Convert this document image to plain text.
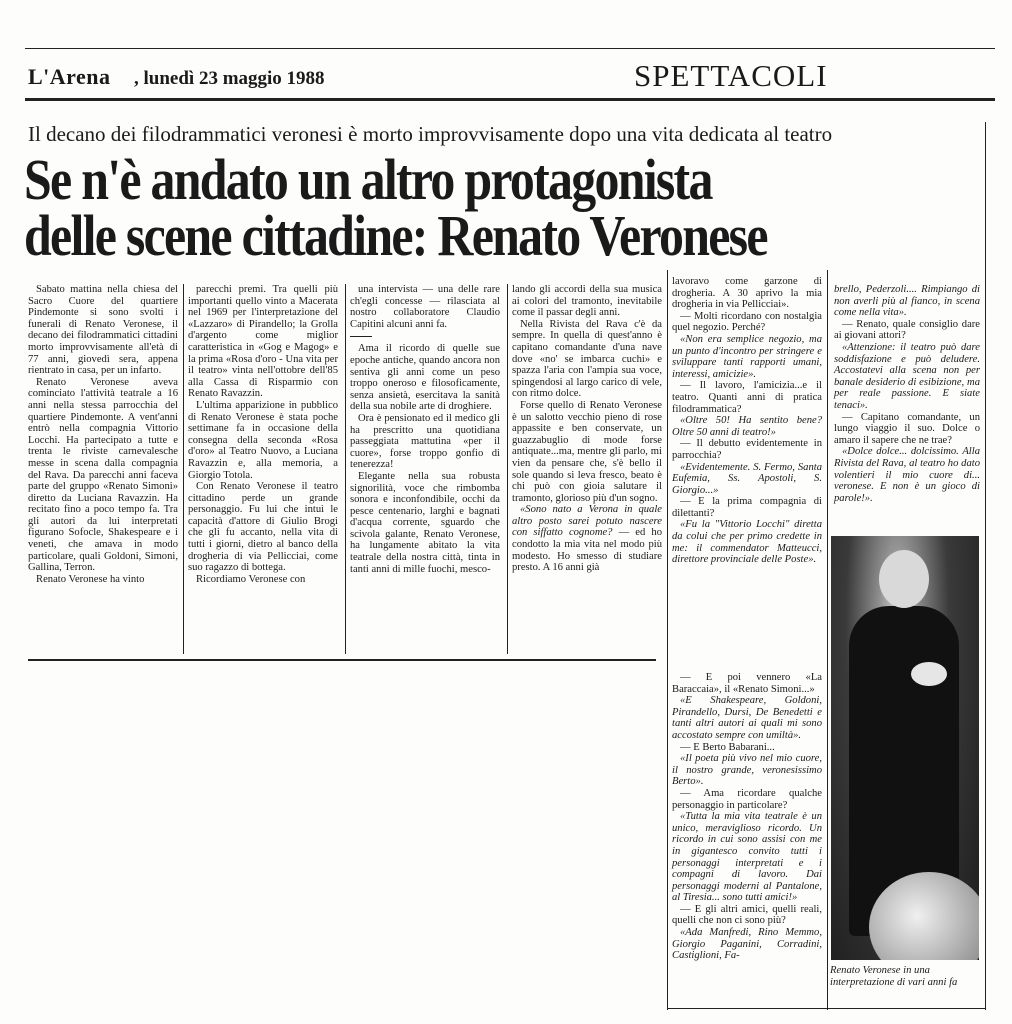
L'Arena , lunedì 23 maggio 1988	SPETTACOLI
Il decano dei filodrammatici veronesi è morto improvvisamente dopo una vita dedicata al teatro
Se n'è andato un altro protagonista
delle scene cittadine: Renato Veronese

Sabato mattina nella chiesa del Sacro Cuore del quartiere Pindemonte si sono svolti i funerali di Renato Veronese, il decano dei filodrammatici cittadini morto improvvisamente all'età di 77 anni, giovedì sera, appena rientrato in casa, per un infarto.

Renato Veronese aveva cominciato l'attività teatrale a 16 anni nella stessa parrocchia del quartiere Pindemonte. A vent'anni entrò nella compagnia Vittorio Locchi. Ha partecipato a tutte e trenta le riviste carnevalesche messe in scena dalla compagnia del Rava. Da parecchi anni faceva parte del gruppo «Renato Simoni» diretto da Luciana Ravazzin. Ha recitato fino a poco tempo fa. Tra gli autori da lui interpretati figurano Sofocle, Shakespeare e i veneti, che amava in modo particolare, quali Goldoni, Simoni, Gallina, Terron.

Renato Veronese ha vinto

parecchi premi. Tra quelli più importanti quello vinto a Macerata nel 1969 per l'interpretazione del «Lazzaro» di Pirandello; la Grolla d'argento come miglior caratteristica in «Gog e Magog» e la prima «Rosa d'oro - Una vita per il teatro» vinta nell'ottobre dell'85 alla Cassa di Risparmio con Renato Ravazzin.

L'ultima apparizione in pubblico di Renato Veronese è stata poche settimane fa in occasione della consegna della seconda «Rosa d'oro» al Teatro Nuovo, a Luciana Ravazzin e, alla memoria, a Giorgio Totola.

Con Renato Veronese il teatro cittadino perde un grande personaggio. Fu lui che intuì le capacità d'attore di Giulio Brogi che gli fu accanto, nella vita di tutti i giorni, dietro al banco della drogheria di via Pellicciai, come suo ragazzo di bottega.

Ricordiamo Veronese con

una intervista — una delle rare ch'egli concesse — rilasciata al nostro collaboratore Claudio Capitini alcuni anni fa.

Ama il ricordo di quelle sue epoche antiche, quando ancora non sentiva gli anni come un peso troppo oneroso e filosoficamente, senza ansietà, esercitava la sanità della sua nobile arte di droghiere.

Ora è pensionato ed il medico gli ha prescritto una quotidiana passeggiata mattutina «per il cuore», forse troppo gonfio di tenerezza!

Elegante nella sua robusta signorilità, voce che rimbomba sonora e inconfondibile, occhi da pesce centenario, larghi e bagnati d'acqua corrente, sguardo che scivola galante, Renato Veronese, ha lungamente abitato la vita teatrale della nostra città, tinta in tanti anni di mille fuochi, mesco-

lando gli accordi della sua musica ai colori del tramonto, inevitabile come il passar degli anni.

Nella Rivista del Rava c'è da sempre. In quella di quest'anno è capitano comandante d'una nave dove «no' se imbarca cuchi» e spazza l'aria con l'ampia sua voce, spingendosi al largo carico di vele, con ritmo dolce.

Forse quello di Renato Veronese è un salotto vecchio pieno di rose appassite e ben conservate, un guazzabuglio di mode forse antiquate...ma, mentre gli parlo, mi vien da pensare che, s'è bello il sole quando si leva fresco, beato è chi può con gioia salutare il tramonto, glorioso più d'un sogno.

«Sono nato a Verona in quale altro posto sarei potuto nascere con siffatto cognome? — ed ho condotto la mia vita nel modo più modesto. Ho smesso di studiare presto. A 16 anni già

lavoravo come garzone di drogheria. A 30 aprivo la mia drogheria in via Pellicciai».

— Molti ricordano con nostalgia quel negozio. Perché?

«Non era semplice negozio, ma un punto d'incontro per stringere e sviluppare tanti rapporti umani, interessi, amicizie».

— Il lavoro, l'amicizia...e il teatro. Quanti anni di pratica filodrammatica?

«Oltre 50! Ha sentito bene? Oltre 50 anni di teatro!»

— Il debutto evidentemente in parrocchia?

«Evidentemente. S. Fermo, Santa Eufemia, Ss. Apostoli, S. Giorgio...»

— E la prima compagnia di dilettanti?

«Fu la "Vittorio Locchi" diretta da colui che per primo credette in me: il commendator Matteucci, direttore provinciale delle Poste».

— E poi vennero «La Baraccaia», il «Renato Simoni...»

«E Shakespeare, Goldoni, Pirandello, Dursi, De Benedetti e tanti altri autori ai quali mi sono accostato sempre con umiltà».

— E Berto Babarani...

«Il poeta più vivo nel mio cuore, il nostro grande, veronesissimo Berto».

— Ama ricordare qualche personaggio in particolare?

«Tutta la mia vita teatrale è un unico, meraviglioso ricordo. Un ricordo in cui sono assisi con me in gigantesco convito tutti i personaggi interpretati e i compagni di lavoro. Dai personaggi moderni al Pantalone, al Tiresia... sono tutti amici!»

— E gli altri amici, quelli reali, quelli che non ci sono più?

«Ada Manfredi, Rino Memmo, Giorgio Paganini, Corradini, Castiglioni, Fa-

brello, Pederzoli.... Rimpiango di non averli più al fianco, in scena come nella vita».

— Renato, quale consiglio dare ai giovani attori?

«Attenzione: il teatro può dare soddisfazione e può deludere. Accostatevi alla scena non per banale desiderio di esibizione, ma per reale passione. E siate tenaci».

— Capitano comandante, un lungo viaggio il suo. Dolce o amaro il sapere che ne trae?

«Dolce dolce... dolcissimo. Alla Rivista del Rava, al teatro ho dato volentieri il mio cuore di... veronese. E non è un gioco di parole!».

Renato Veronese in una interpretazione di vari anni fa
